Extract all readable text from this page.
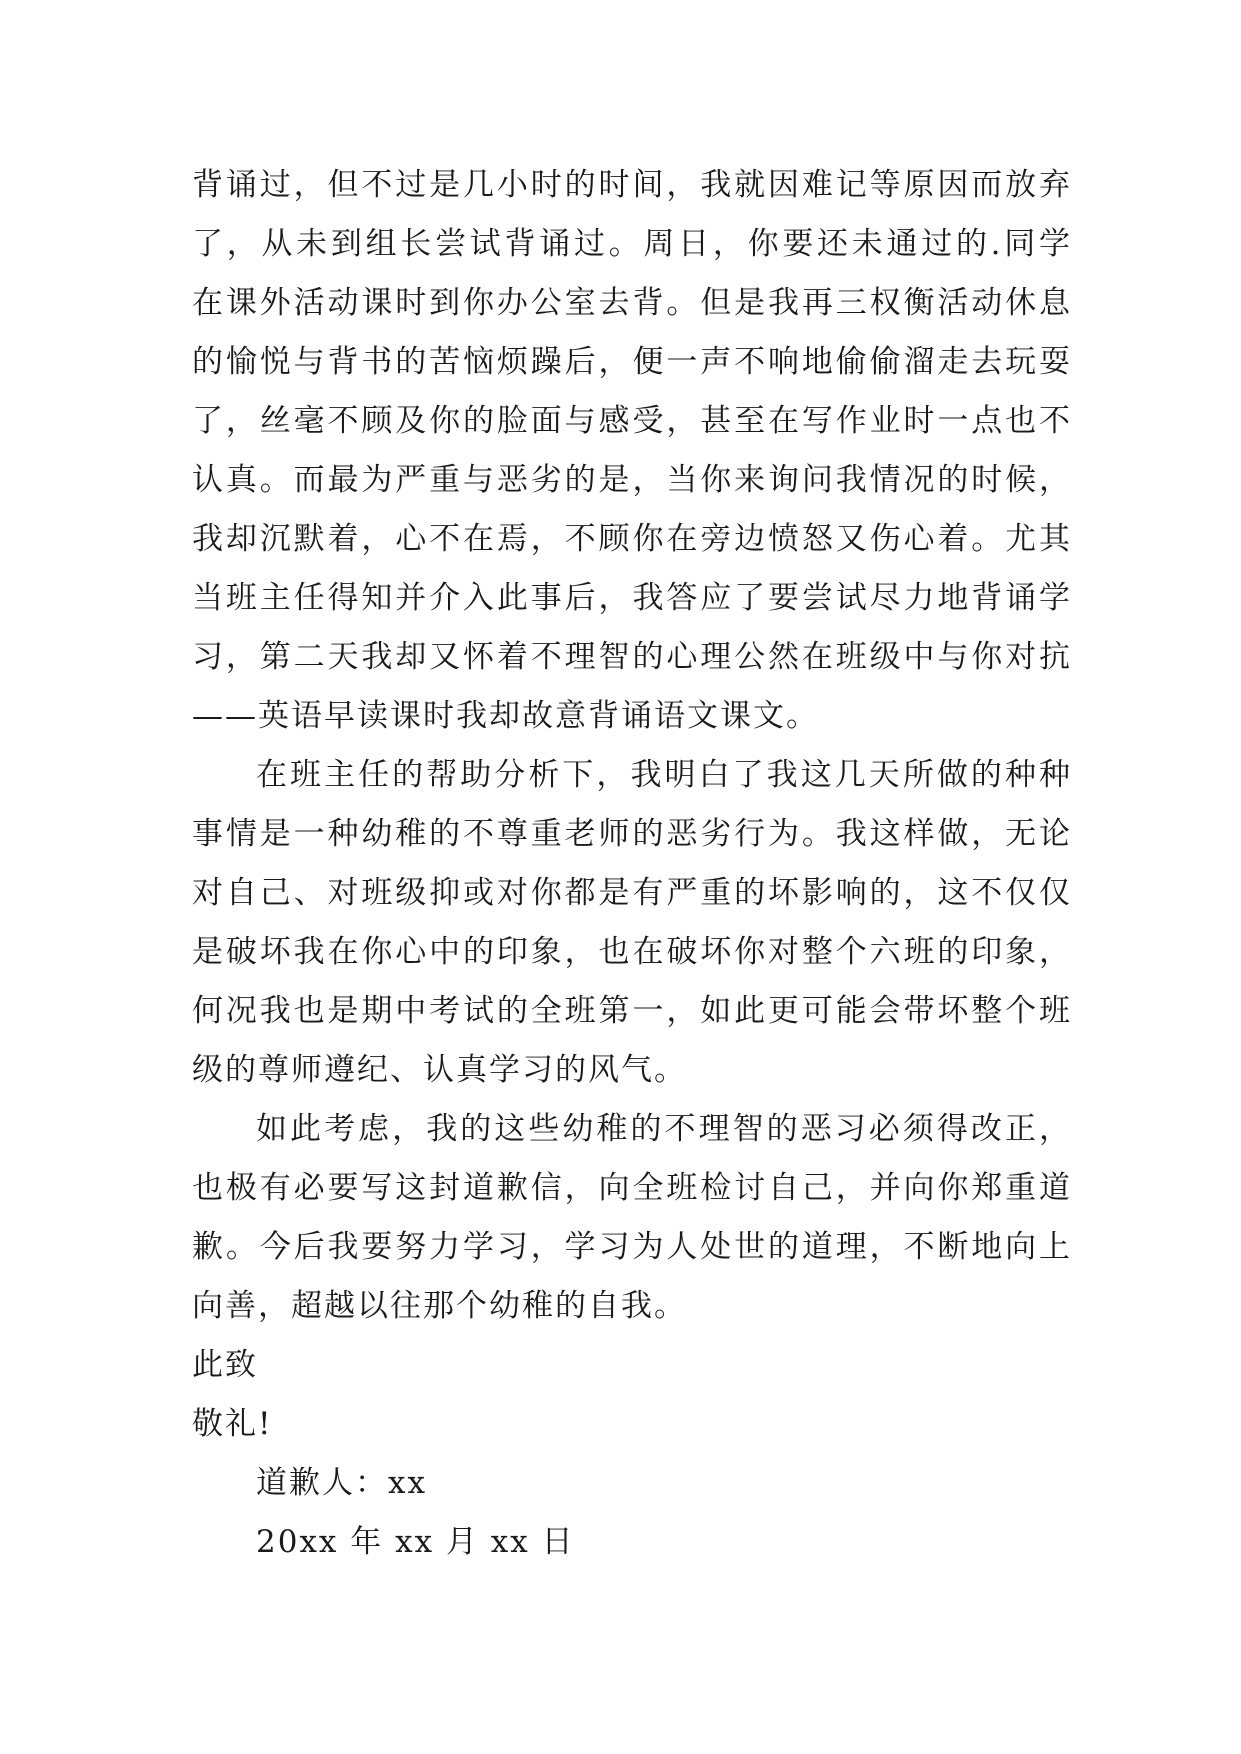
背诵过，但不过是几小时的时间，我就因难记等原因而放弃
了，从未到组长尝试背诵过。周日，你要还未通过的.同学
在课外活动课时到你办公室去背。但是我再三权衡活动休息
的愉悦与背书的苦恼烦躁后，便一声不响地偷偷溜走去玩耍
了，丝毫不顾及你的脸面与感受，甚至在写作业时一点也不
认真。而最为严重与恶劣的是，当你来询问我情况的时候，
我却沉默着，心不在焉，不顾你在旁边愤怒又伤心着。尤其
当班主任得知并介入此事后，我答应了要尝试尽力地背诵学
习，第二天我却又怀着不理智的心理公然在班级中与你对抗
——英语早读课时我却故意背诵语文课文。
在班主任的帮助分析下，我明白了我这几天所做的种种
事情是一种幼稚的不尊重老师的恶劣行为。我这样做，无论
对自己、对班级抑或对你都是有严重的坏影响的，这不仅仅
是破坏我在你心中的印象，也在破坏你对整个六班的印象，
何况我也是期中考试的全班第一，如此更可能会带坏整个班
级的尊师遵纪、认真学习的风气。
如此考虑，我的这些幼稚的不理智的恶习必须得改正，
也极有必要写这封道歉信，向全班检讨自己，并向你郑重道
歉。今后我要努力学习，学习为人处世的道理，不断地向上
向善，超越以往那个幼稚的自我。
此致
敬礼!
道歉人：xx
20xx 年 xx 月 xx 日
